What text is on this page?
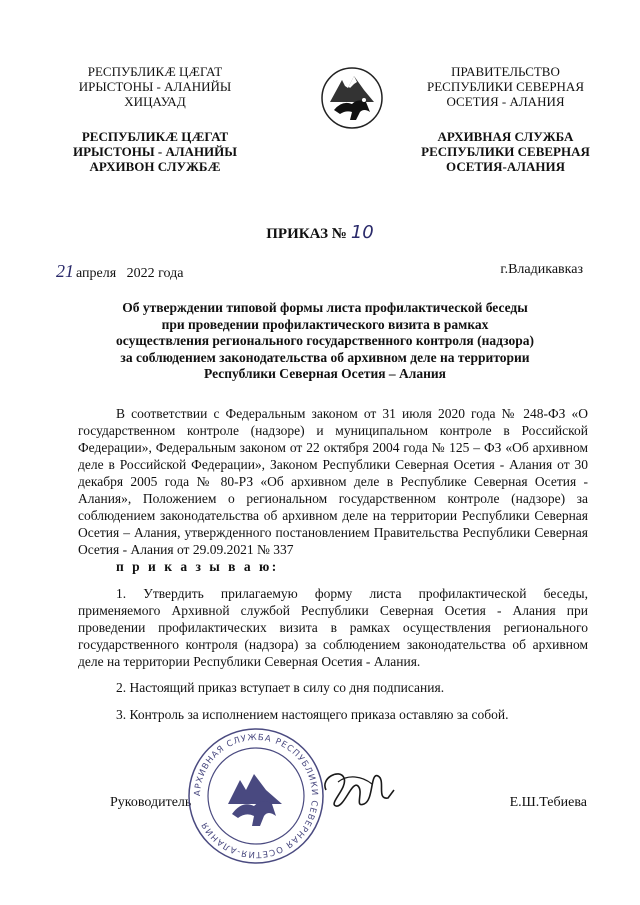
РЕСПУБЛИКÆ ЦÆГАТ
ИРЫСТОНЫ - АЛАНИЙЫ
ХИЦАУАД
РЕСПУБЛИКÆ ЦÆГАТ
ИРЫСТОНЫ - АЛАНИЙЫ
АРХИВОН СЛУЖБÆ
ПРАВИТЕЛЬСТВО
РЕСПУБЛИКИ СЕВЕРНАЯ
ОСЕТИЯ - АЛАНИЯ
АРХИВНАЯ СЛУЖБА
РЕСПУБЛИКИ СЕВЕРНАЯ
ОСЕТИЯ-АЛАНИЯ
ПРИКАЗ № 10
21 апреля   2022 года	г.Владикавказ
Об утверждении типовой формы листа профилактической беседы
при проведении профилактического визита в рамках
осуществления регионального государственного контроля (надзора)
за соблюдением законодательства об архивном деле на территории
Республики Северная Осетия – Алания
В соответствии с Федеральным законом от 31 июля 2020 года № 248-ФЗ «О государственном контроле (надзоре) и муниципальном контроле в Российской Федерации», Федеральным законом от 22 октября 2004 года № 125 – ФЗ «Об архивном деле в Российской Федерации», Законом Республики Северная Осетия - Алания от 30 декабря 2005 года № 80-РЗ «Об архивном деле в Республике Северная Осетия - Алания», Положением о региональном государственном контроле (надзоре) за соблюдением законодательства об архивном деле на территории Республики Северная Осетия – Алания, утвержденного постановлением Правительства Республики Северная Осетия - Алания от 29.09.2021 № 337
п р и к а з ы в а ю:
1. Утвердить прилагаемую форму листа профилактической беседы, применяемого Архивной службой Республики Северная Осетия - Алания при проведении профилактических визита в рамках осуществления регионального государственного контроля (надзора) за соблюдением законодательства об архивном деле на территории Республики Северная Осетия - Алания.
2. Настоящий приказ вступает в силу со дня подписания.
3. Контроль за исполнением настоящего приказа оставляю за собой.
Руководитель
АРХИВНАЯ СЛУЖБА РЕСПУБЛИКИ СЕВЕРНАЯ ОСЕТИЯ-АЛАНИЯ
Е.Ш.Тебиева
